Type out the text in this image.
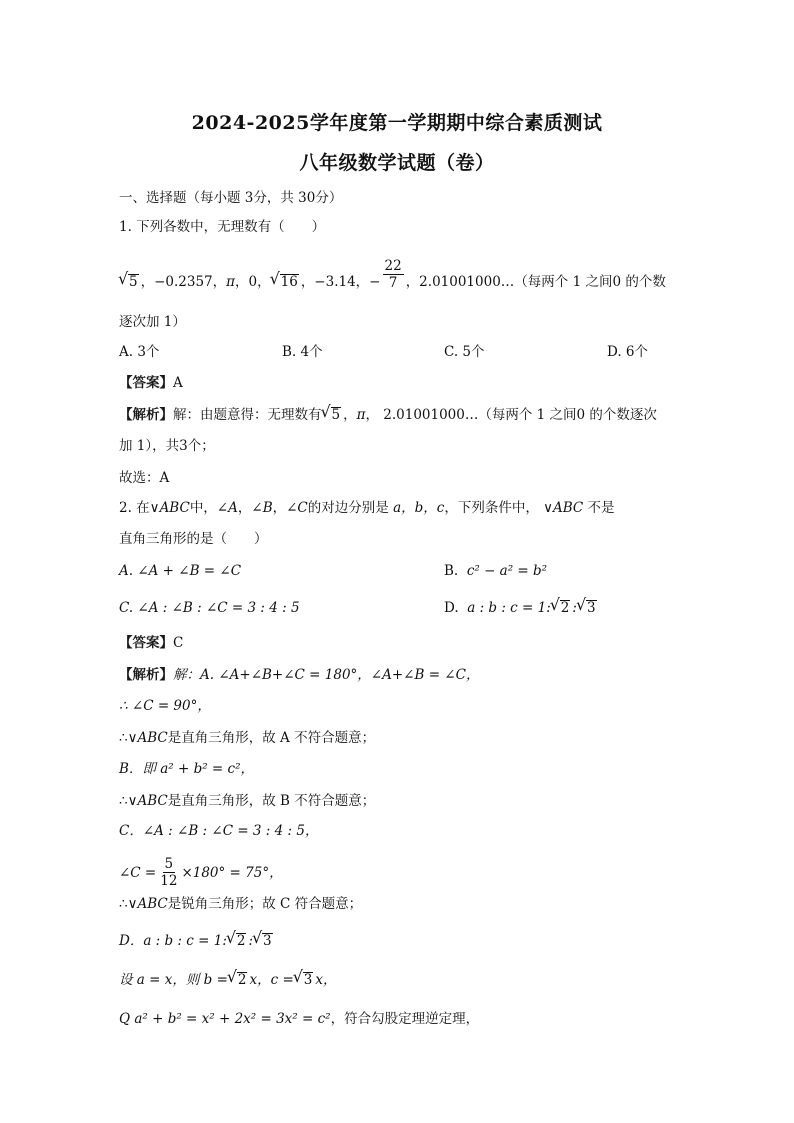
2024-2025学年度第一学期期中综合素质测试
八年级数学试题（卷）
一、选择题（每小题 3分，共 30分）
1. 下列各数中，无理数有（　　）
√ 5 ，−0.2357，π，0， √ 16 ，−3.14，− $\frac{22}{7}$ ，2.01001000…（每两个 1 之间0 的个数
逐次加 1）
A. 3个	B. 4个	C. 5个	D. 6个
【答案】A
【解析】解：由题意得：无理数有 √ 5 ，π， 2.01001000…（每两个 1 之间0 的个数逐次
加 1），共3个；
故选：A
2. 在∨ABC中，∠A，∠B，∠C的对边分别是 a，b，c，下列条件中， ∨ABC 不是
直角三角形的是（　　）
A. ∠A + ∠B = ∠C	B. c² − a² = b²
C. ∠A : ∠B : ∠C = 3 : 4 : 5	D. a : b : c = 1: √ 2 : √ 3
【答案】C
【解析】解：A. ∠A+∠B+∠C = 180°，∠A+∠B = ∠C，
∴ ∠C = 90°，
∴∨ABC是直角三角形，故 A 不符合题意；
B．即 a² + b² = c²，
∴∨ABC是直角三角形，故 B 不符合题意；
C．∠A : ∠B : ∠C = 3 : 4 : 5，
∠C = $\frac{5}{12} \times 180^\circ = 75^\circ$，
∴∨ABC是锐角三角形；故 C 符合题意；
D．a : b : c = 1: √ 2 : √ 3
设 a = x，则 b = √ 2 x，c = √ 3 x，
Q a² + b² = x² + 2x² = 3x² = c²，符合勾股定理逆定理，
